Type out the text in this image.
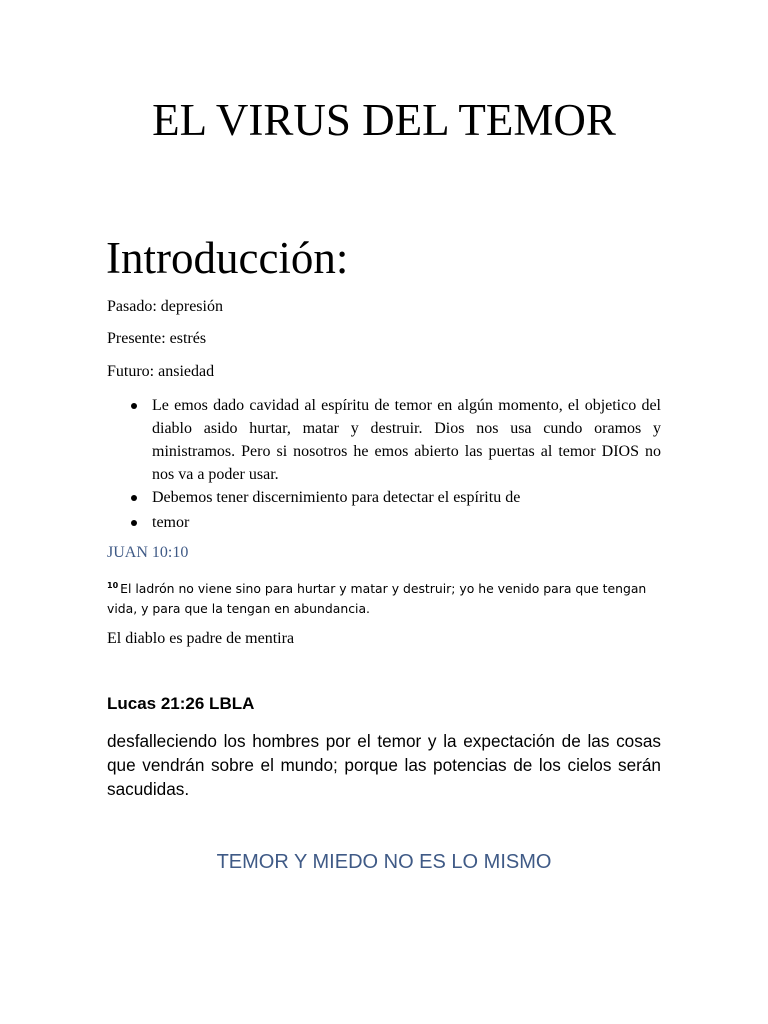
EL VIRUS DEL TEMOR
Introducción:

Pasado: depresión

Presente: estrés

Futuro: ansiedad

Le emos dado cavidad al espíritu de temor en algún momento, el objetico del diablo asido hurtar, matar y destruir. Dios nos usa cundo oramos y ministramos. Pero si nosotros he emos abierto las puertas al temor DIOS no nos va a poder usar.
Debemos tener discernimiento para detectar el espíritu de
temor

JUAN 10:10

$^{10}$ El ladrón no viene sino para hurtar y matar y destruir; yo he venido para que tengan vida, y para que la tengan en abundancia.

El diablo es padre de mentira

Lucas 21:26 LBLA

desfalleciendo los hombres por el temor y la expectación de las cosas que vendrán sobre el mundo; porque las potencias de los cielos serán sacudidas.

TEMOR Y MIEDO NO ES LO MISMO
